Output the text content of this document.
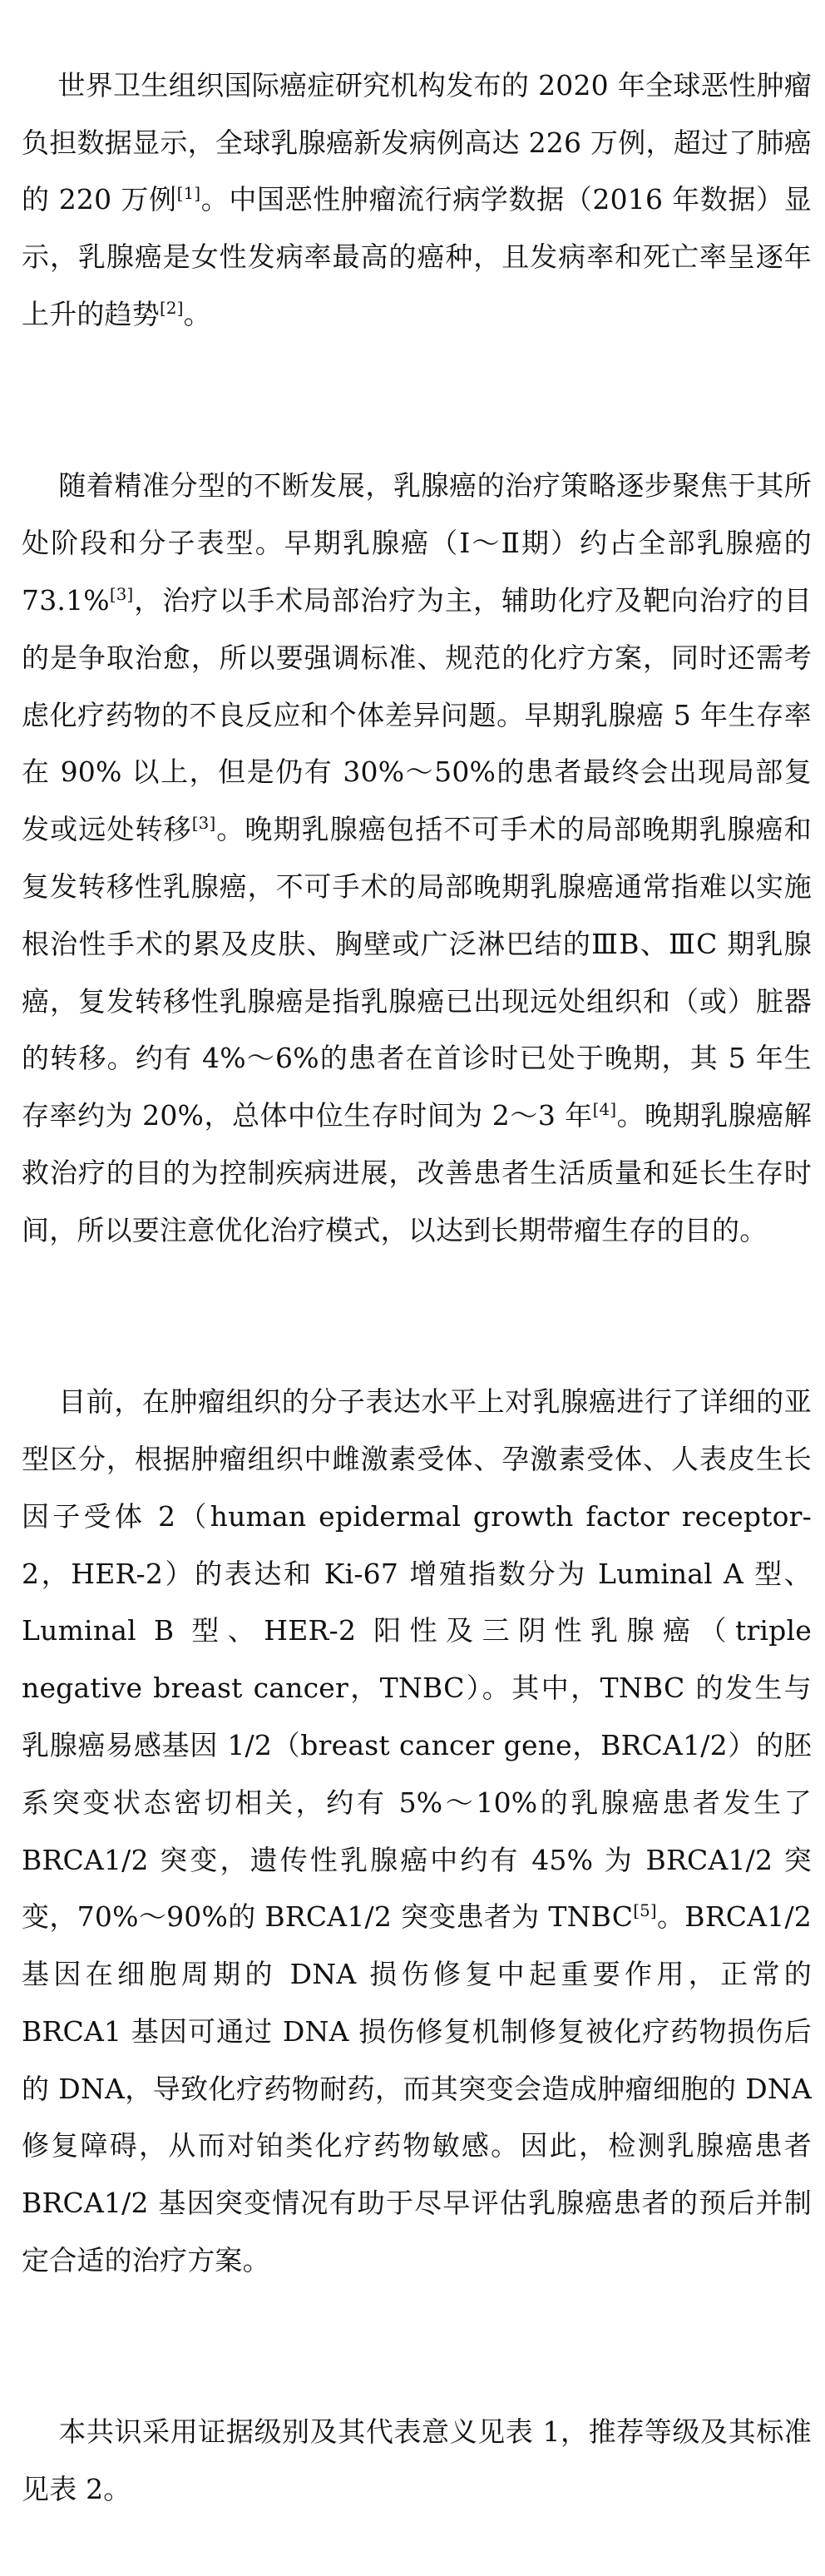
世界卫生组织国际癌症研究机构发布的 2020 年全球恶性肿瘤负担数据显示，全球乳腺癌新发病例高达 226 万例，超过了肺癌的 220 万例[1]。中国恶性肿瘤流行病学数据（2016 年数据）显示，乳腺癌是女性发病率最高的癌种，且发病率和死亡率呈逐年上升的趋势[2]。

随着精准分型的不断发展，乳腺癌的治疗策略逐步聚焦于其所处阶段和分子表型。早期乳腺癌（Ⅰ～Ⅱ期）约占全部乳腺癌的 73.1%[3]，治疗以手术局部治疗为主，辅助化疗及靶向治疗的目的是争取治愈，所以要强调标准、规范的化疗方案，同时还需考虑化疗药物的不良反应和个体差异问题。早期乳腺癌 5 年生存率在 90% 以上，但是仍有 30%～50%的患者最终会出现局部复发或远处转移[3]。晚期乳腺癌包括不可手术的局部晚期乳腺癌和复发转移性乳腺癌，不可手术的局部晚期乳腺癌通常指难以实施根治性手术的累及皮肤、胸壁或广泛淋巴结的ⅢB、ⅢC 期乳腺癌，复发转移性乳腺癌是指乳腺癌已出现远处组织和（或）脏器的转移。约有 4%～6%的患者在首诊时已处于晚期，其 5 年生存率约为 20%，总体中位生存时间为 2～3 年[4]。晚期乳腺癌解救治疗的目的为控制疾病进展，改善患者生活质量和延长生存时间，所以要注意优化治疗模式，以达到长期带瘤生存的目的。

目前，在肿瘤组织的分子表达水平上对乳腺癌进行了详细的亚型区分，根据肿瘤组织中雌激素受体、孕激素受体、人表皮生长因子受体 2（human epidermal growth factor receptor-2，HER-2）的表达和 Ki-67 增殖指数分为 Luminal A 型、Luminal B 型、HER-2 阳性及三阴性乳腺癌（triple negative breast cancer，TNBC）。其中，TNBC 的发生与乳腺癌易感基因 1/2（breast cancer gene，BRCA1/2）的胚系突变状态密切相关，约有 5%～10%的乳腺癌患者发生了 BRCA1/2 突变，遗传性乳腺癌中约有 45% 为 BRCA1/2 突变，70%～90%的 BRCA1/2 突变患者为 TNBC[5]。BRCA1/2 基因在细胞周期的 DNA 损伤修复中起重要作用，正常的 BRCA1 基因可通过 DNA 损伤修复机制修复被化疗药物损伤后的 DNA，导致化疗药物耐药，而其突变会造成肿瘤细胞的 DNA 修复障碍，从而对铂类化疗药物敏感。因此，检测乳腺癌患者 BRCA1/2 基因突变情况有助于尽早评估乳腺癌患者的预后并制定合适的治疗方案。

本共识采用证据级别及其代表意义见表 1，推荐等级及其标准见表 2。
